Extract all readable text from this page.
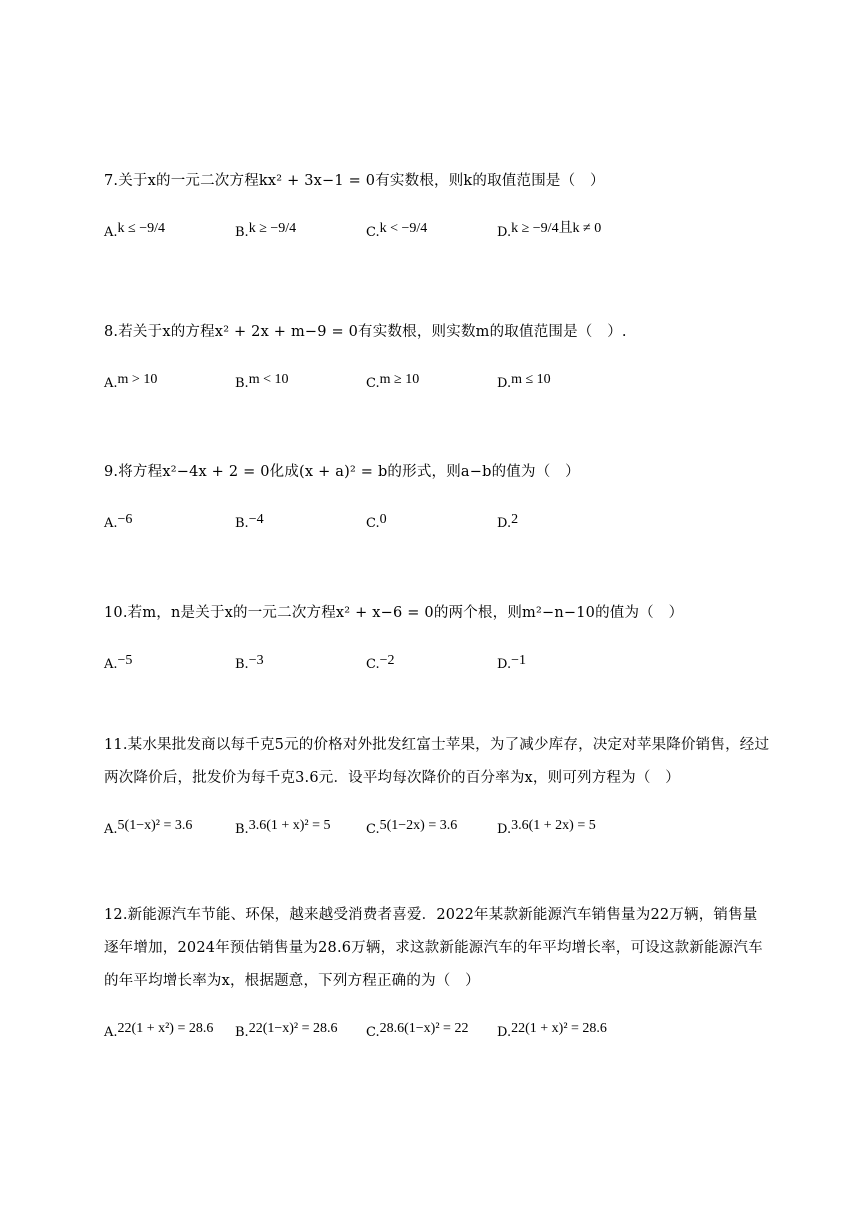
7.关于x的一元二次方程kx² + 3x−1 = 0有实数根，则k的取值范围是（　）
A.k ≤ −9/4	B.k ≥ −9/4	C.k < −9/4	D.k ≥ −9/4且k ≠ 0
8.若关于x的方程x² + 2x + m−9 = 0有实数根，则实数m的取值范围是（　）.
A.m > 10	B.m < 10	C.m ≥ 10	D.m ≤ 10
9.将方程x²−4x + 2 = 0化成(x + a)² = b的形式，则a−b的值为（　）
A.−6	B.−4	C.0	D.2
10.若m，n是关于x的一元二次方程x² + x−6 = 0的两个根，则m²−n−10的值为（　）
A.−5	B.−3	C.−2	D.−1
11.某水果批发商以每千克5元的价格对外批发红富士苹果，为了减少库存，决定对苹果降价销售，经过两次降价后，批发价为每千克3.6元．设平均每次降价的百分率为x，则可列方程为（　）
A.5(1−x)² = 3.6	B.3.6(1 + x)² = 5	C.5(1−2x) = 3.6	D.3.6(1 + 2x) = 5
12.新能源汽车节能、环保，越来越受消费者喜爱．2022年某款新能源汽车销售量为22万辆，销售量逐年增加，2024年预估销售量为28.6万辆，求这款新能源汽车的年平均增长率，可设这款新能源汽车的年平均增长率为x，根据题意，下列方程正确的为（　）
A.22(1 + x²) = 28.6	B.22(1−x)² = 28.6	C.28.6(1−x)² = 22	D.22(1 + x)² = 28.6
